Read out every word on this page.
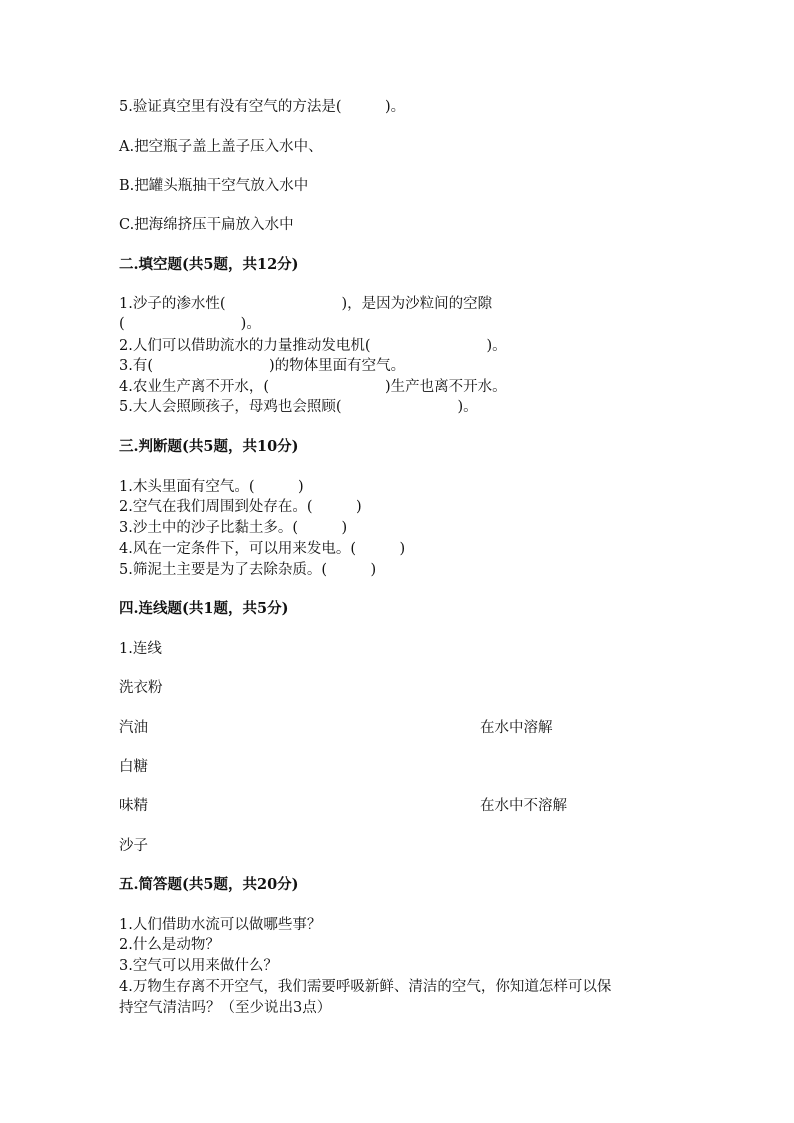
5.验证真空里有没有空气的方法是(　　　)。
A.把空瓶子盖上盖子压入水中、
B.把罐头瓶抽干空气放入水中
C.把海绵挤压干扁放入水中
二.填空题(共5题，共12分)
1.沙子的渗水性(　　　　　　　　)，是因为沙粒间的空隙
(　　　　　　　　)。
2.人们可以借助流水的力量推动发电机(　　　　　　　　)。
3.有(　　　　　　　　)的物体里面有空气。
4.农业生产离不开水，(　　　　　　　　)生产也离不开水。
5.大人会照顾孩子，母鸡也会照顾(　　　　　　　　)。
三.判断题(共5题，共10分)
1.木头里面有空气。(　　　)
2.空气在我们周围到处存在。(　　　)
3.沙土中的沙子比黏土多。(　　　)
4.风在一定条件下，可以用来发电。(　　　)
5.筛泥土主要是为了去除杂质。(　　　)
四.连线题(共1题，共5分)
1.连线
洗衣粉
汽油	在水中溶解
白糖
味精	在水中不溶解
沙子
五.简答题(共5题，共20分)
1.人们借助水流可以做哪些事？
2.什么是动物？
3.空气可以用来做什么？
4.万物生存离不开空气，我们需要呼吸新鲜、清洁的空气，你知道怎样可以保
持空气清洁吗？（至少说出3点）
